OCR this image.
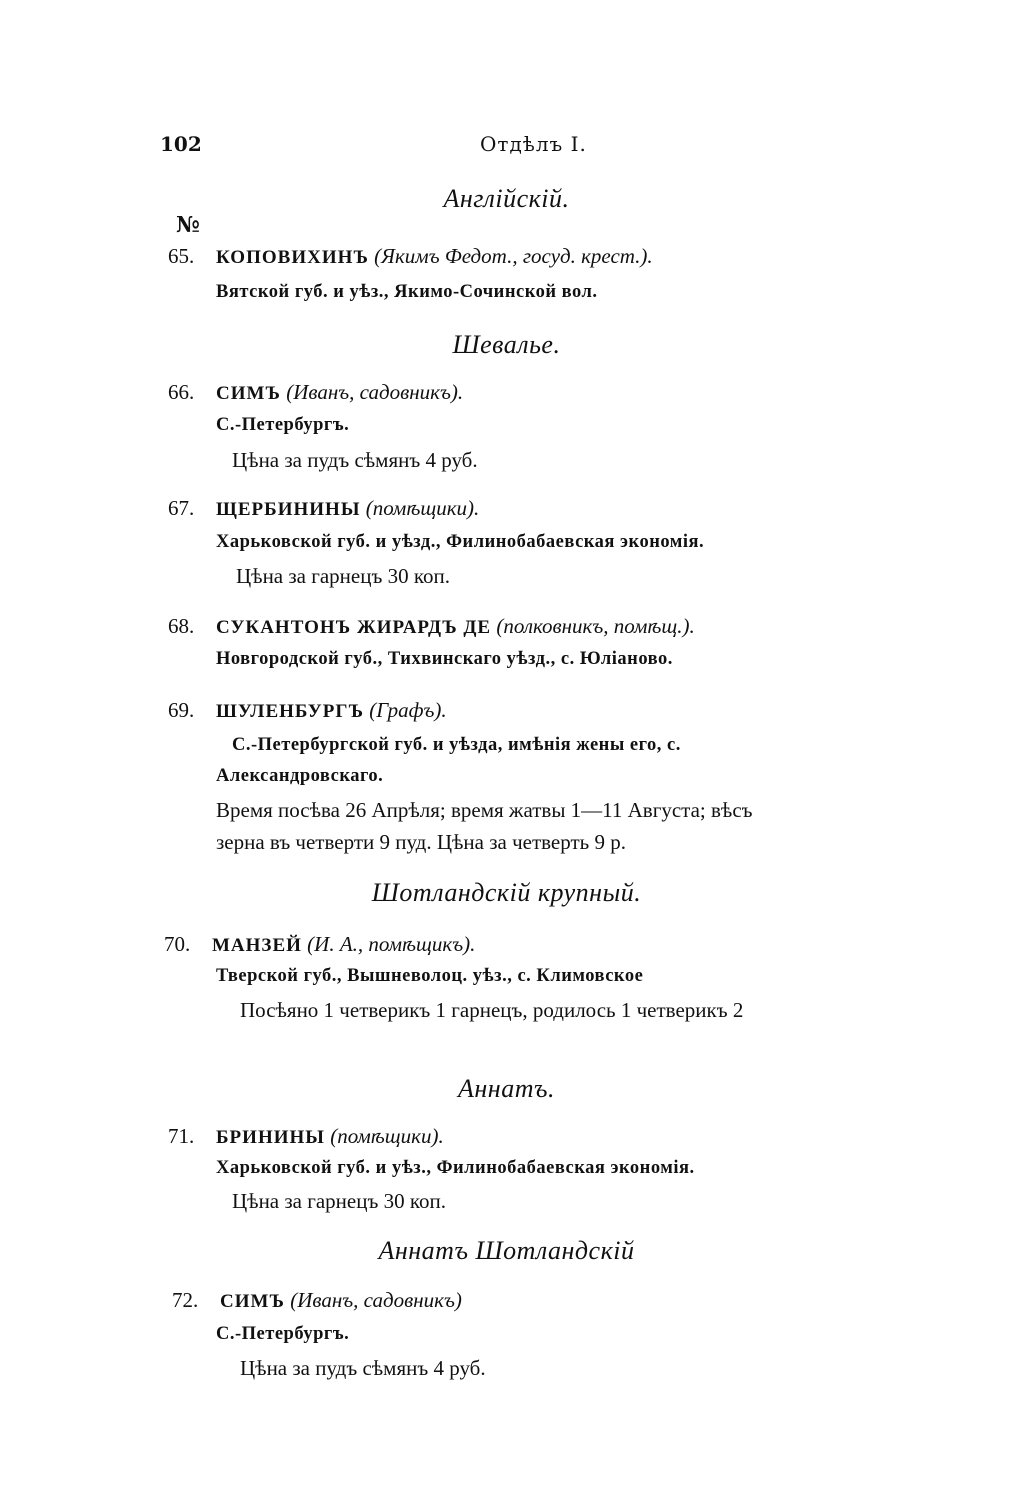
102	Отдѣлъ I.
Англійскій.
№
65. КОПОВИХИНЪ (Якимъ Федот., госуд. крест.).
Вятской губ. и уѣз., Якимо-Сочинской вол.
Шевалье.
66. СИМЪ (Иванъ, садовникъ).
С.-Петербургъ.
Цѣна за пудъ сѣмянъ 4 руб.
67. ЩЕРБИНИНЫ (помѣщики).
Харьковской губ. и уѣзд., Филинобабаевская экономія.
Цѣна за гарнецъ 30 коп.
68. СУКАНТОНЪ ЖИРАРДЪ ДЕ (полковникъ, помѣщ.).
Новгородской губ., Тихвинскаго уѣзд., с. Юліаново.
69. ШУЛЕНБУРГЪ (Графъ).
С.-Петербургской губ. и уѣзда, имѣнія жены его, с.
Александровскаго.
Время посѣва 26 Апрѣля; время жатвы 1—11 Августа; вѣсъ
зерна въ четверти 9 пуд. Цѣна за четверть 9 р.
Шотландскій крупный.
70. МАНЗЕЙ (И. А., помѣщикъ).
Тверской губ., Вышневолоц. уѣз., с. Климовское
Посѣяно 1 четверикъ 1 гарнецъ, родилось 1 четверикъ 2
Аннатъ.
71. БРИНИНЫ (помѣщики).
Харьковской губ. и уѣз., Филинобабаевская экономія.
Цѣна за гарнецъ 30 коп.
Аннатъ Шотландскій
72. СИМЪ (Иванъ, садовникъ)
С.-Петербургъ.
Цѣна за пудъ сѣмянъ 4 руб.
